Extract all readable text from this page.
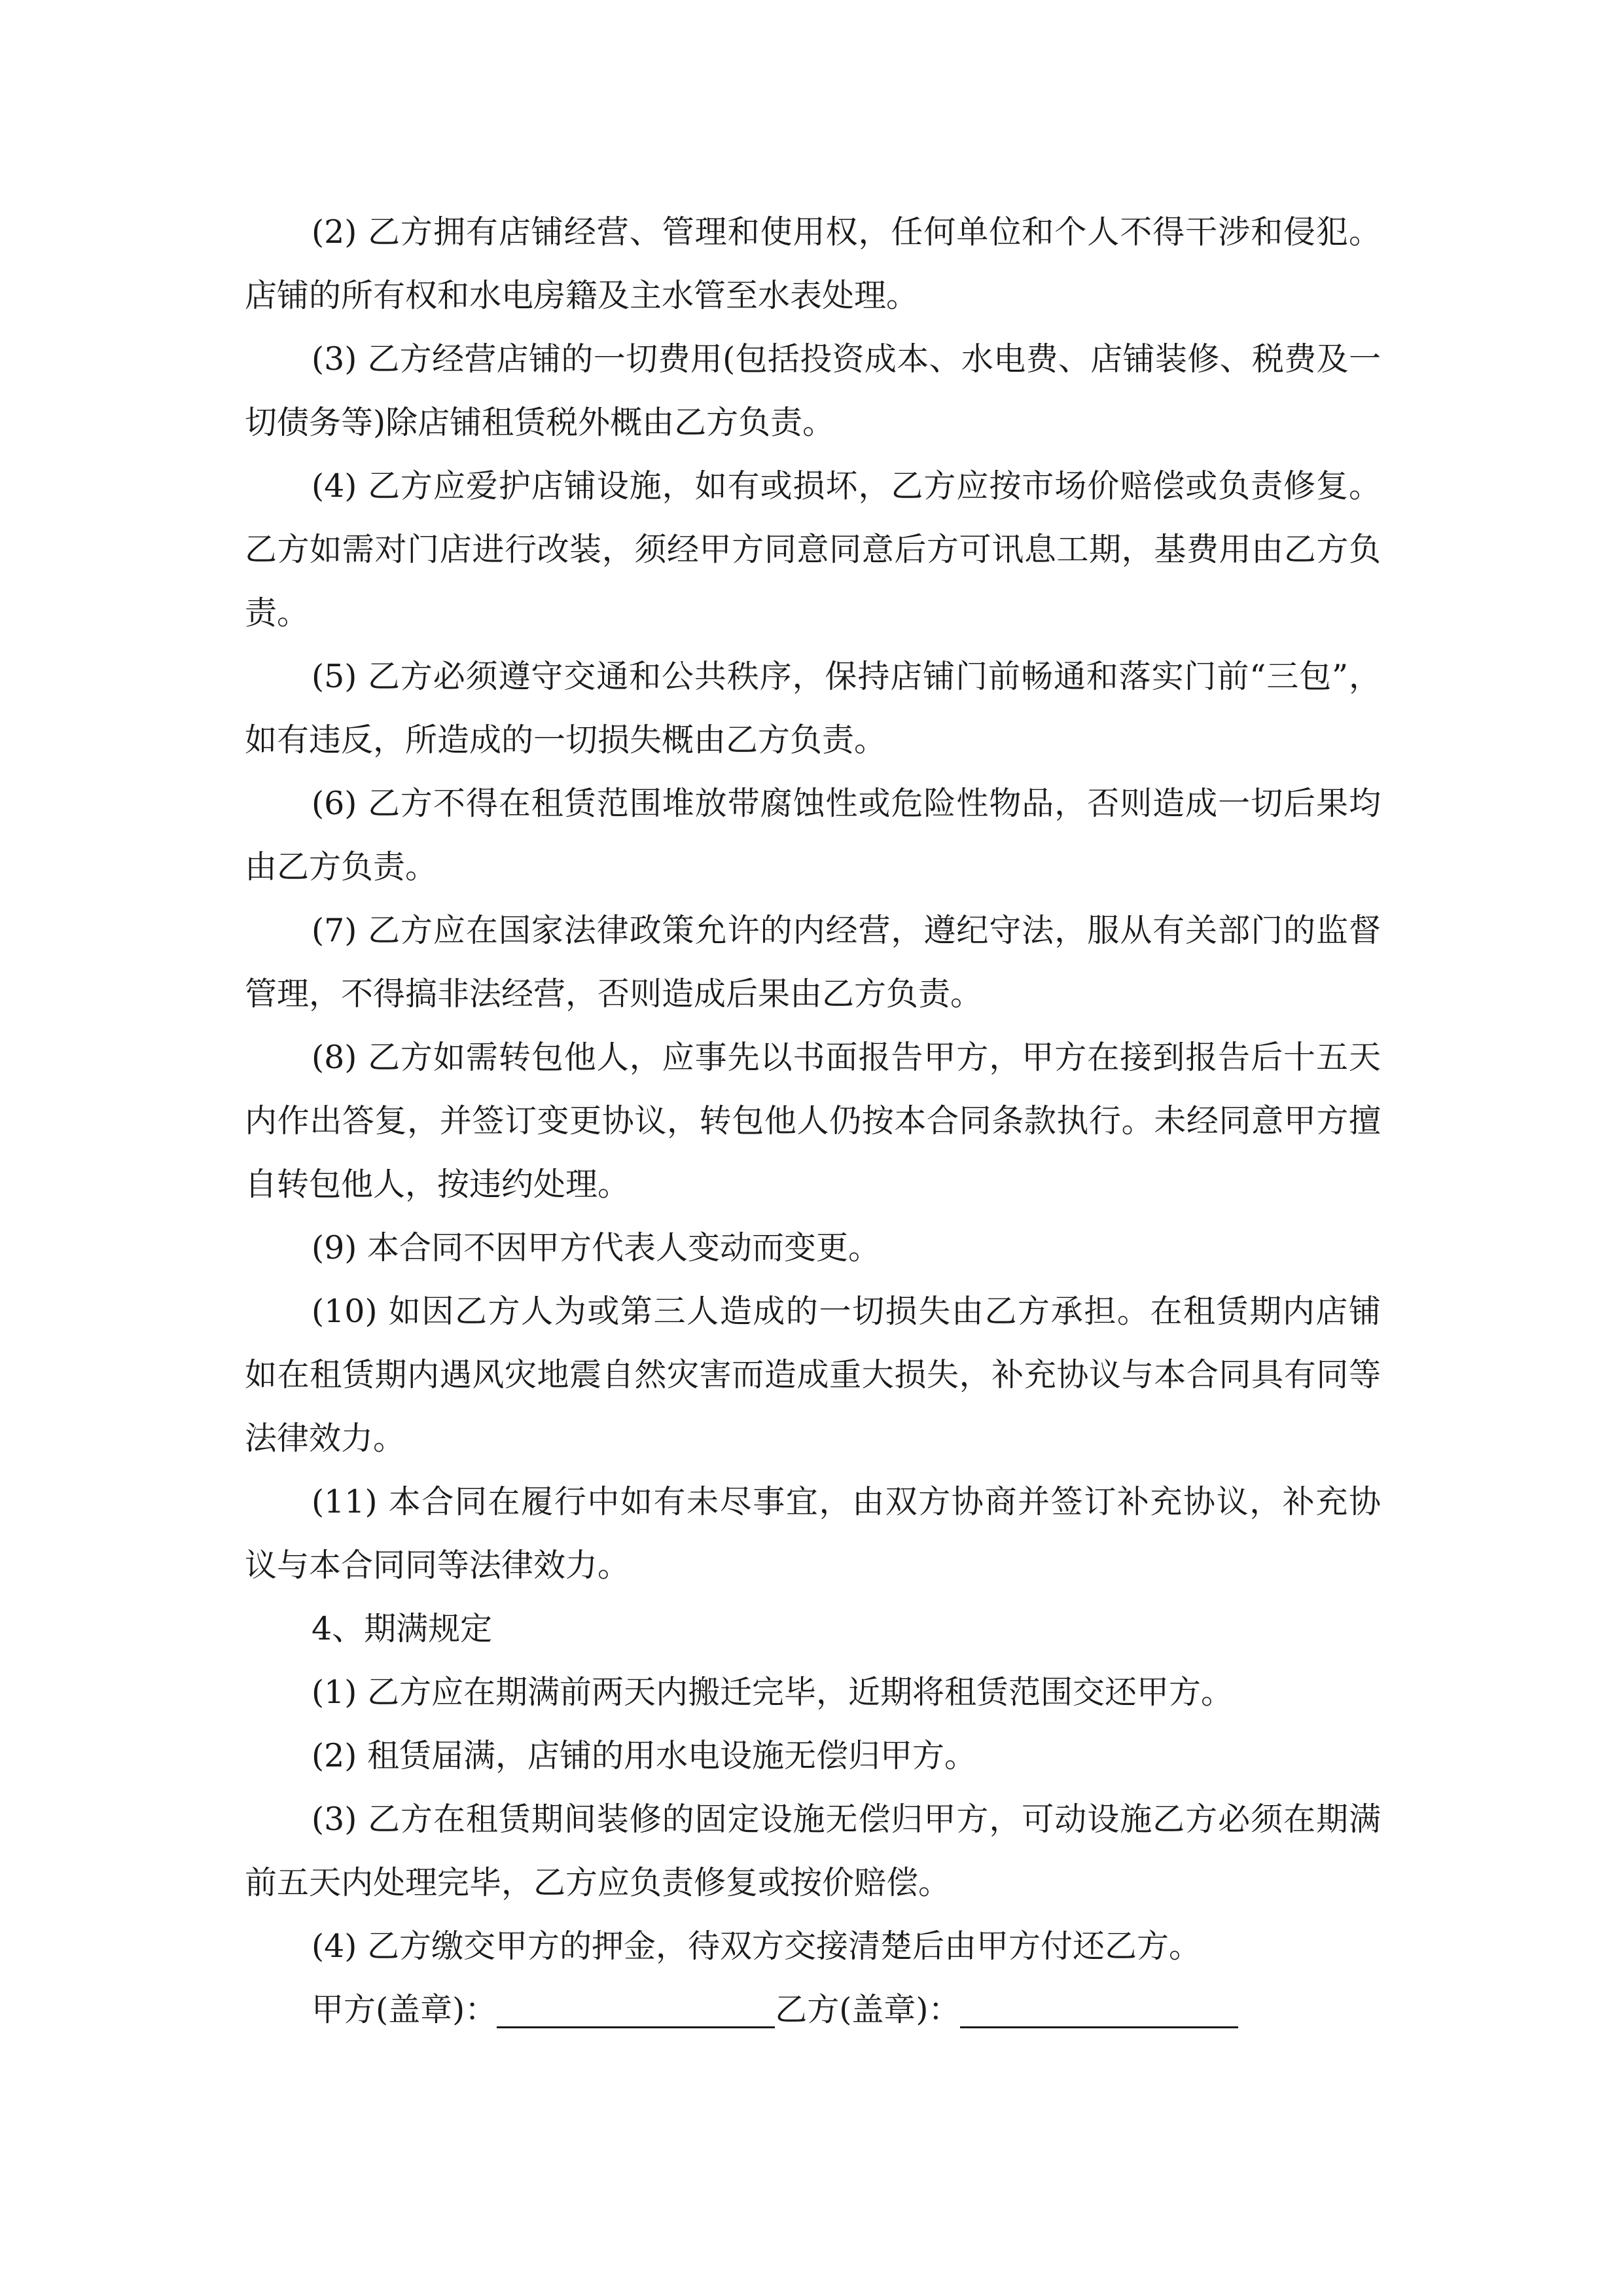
(2) 乙方拥有店铺经营、管理和使用权，任何单位和个人不得干涉和侵犯。店铺的所有权和水电房籍及主水管至水表处理。

(3) 乙方经营店铺的一切费用(包括投资成本、水电费、店铺装修、税费及一切债务等)除店铺租赁税外概由乙方负责。

(4) 乙方应爱护店铺设施，如有或损坏，乙方应按市场价赔偿或负责修复。乙方如需对门店进行改装，须经甲方同意同意后方可讯息工期，基费用由乙方负责。

(5) 乙方必须遵守交通和公共秩序，保持店铺门前畅通和落实门前“三包”，如有违反，所造成的一切损失概由乙方负责。

(6) 乙方不得在租赁范围堆放带腐蚀性或危险性物品，否则造成一切后果均由乙方负责。

(7) 乙方应在国家法律政策允许的内经营，遵纪守法，服从有关部门的监督管理，不得搞非法经营，否则造成后果由乙方负责。

(8) 乙方如需转包他人，应事先以书面报告甲方，甲方在接到报告后十五天内作出答复，并签订变更协议，转包他人仍按本合同条款执行。未经同意甲方擅自转包他人，按违约处理。

(9) 本合同不因甲方代表人变动而变更。

(10) 如因乙方人为或第三人造成的一切损失由乙方承担。在租赁期内店铺如在租赁期内遇风灾地震自然灾害而造成重大损失，补充协议与本合同具有同等法律效力。

(11) 本合同在履行中如有未尽事宜，由双方协商并签订补充协议，补充协议与本合同同等法律效力。

4、期满规定

(1) 乙方应在期满前两天内搬迁完毕，近期将租赁范围交还甲方。

(2) 租赁届满，店铺的用水电设施无偿归甲方。

(3) 乙方在租赁期间装修的固定设施无偿归甲方，可动设施乙方必须在期满前五天内处理完毕，乙方应负责修复或按价赔偿。

(4) 乙方缴交甲方的押金，待双方交接清楚后由甲方付还乙方。

甲方(盖章)：	乙方(盖章)：
